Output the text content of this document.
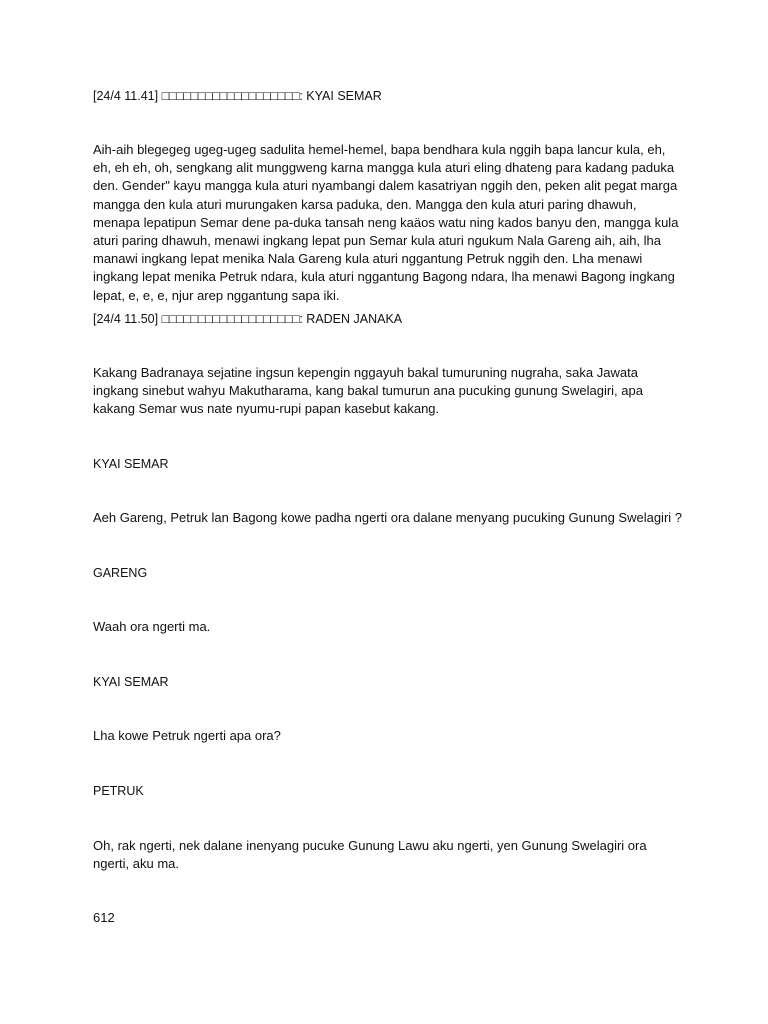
[24/4 11.41] □□□□□□□□□□□□□□□□□□□: KYAI SEMAR

Aih-aih blegegeg ugeg-ugeg sadulita hemel-hemel, bapa bendhara kula nggih bapa lancur kula, eh, eh, eh eh, oh, sengkang alit munggweng karna mangga kula aturi eling dhateng para kadang paduka den. Gender" kayu mangga kula aturi nyambangi dalem kasatriyan nggih den, peken alit pegat marga mangga den kula aturi murungaken karsa paduka, den. Mangga den kula aturi paring dhawuh, menapa lepatipun Semar dene pa-duka tansah neng kaäos watu ning kados banyu den, mangga kula aturi paring dhawuh, menawi ingkang lepat pun Semar kula aturi ngukum Nala Gareng aih, aih, lha manawi ingkang lepat menika Nala Gareng kula aturi nggantung Petruk nggih den. Lha menawi ingkang lepat menika Petruk ndara, kula aturi nggantung Bagong ndara, lha menawi Bagong ingkang lepat, e, e, e, njur arep nggantung sapa iki.

[24/4 11.50] □□□□□□□□□□□□□□□□□□□: RADEN JANAKA

Kakang Badranaya sejatine ingsun kepengin nggayuh bakal tumuruning nugraha, saka Jawata ingkang sinebut wahyu Makutharama, kang bakal tumurun ana pucuking gunung Swelagiri, apa kakang Semar wus nate nyumu-rupi papan kasebut kakang.

KYAI SEMAR

Aeh Gareng, Petruk lan Bagong kowe padha ngerti ora dalane menyang pucuking Gunung Swelagiri ?

GARENG

Waah ora ngerti ma.

KYAI SEMAR

Lha kowe Petruk ngerti apa ora?

PETRUK

Oh, rak ngerti, nek dalane inenyang pucuke Gunung Lawu aku ngerti, yen Gunung Swelagiri ora ngerti, aku ma.

612
